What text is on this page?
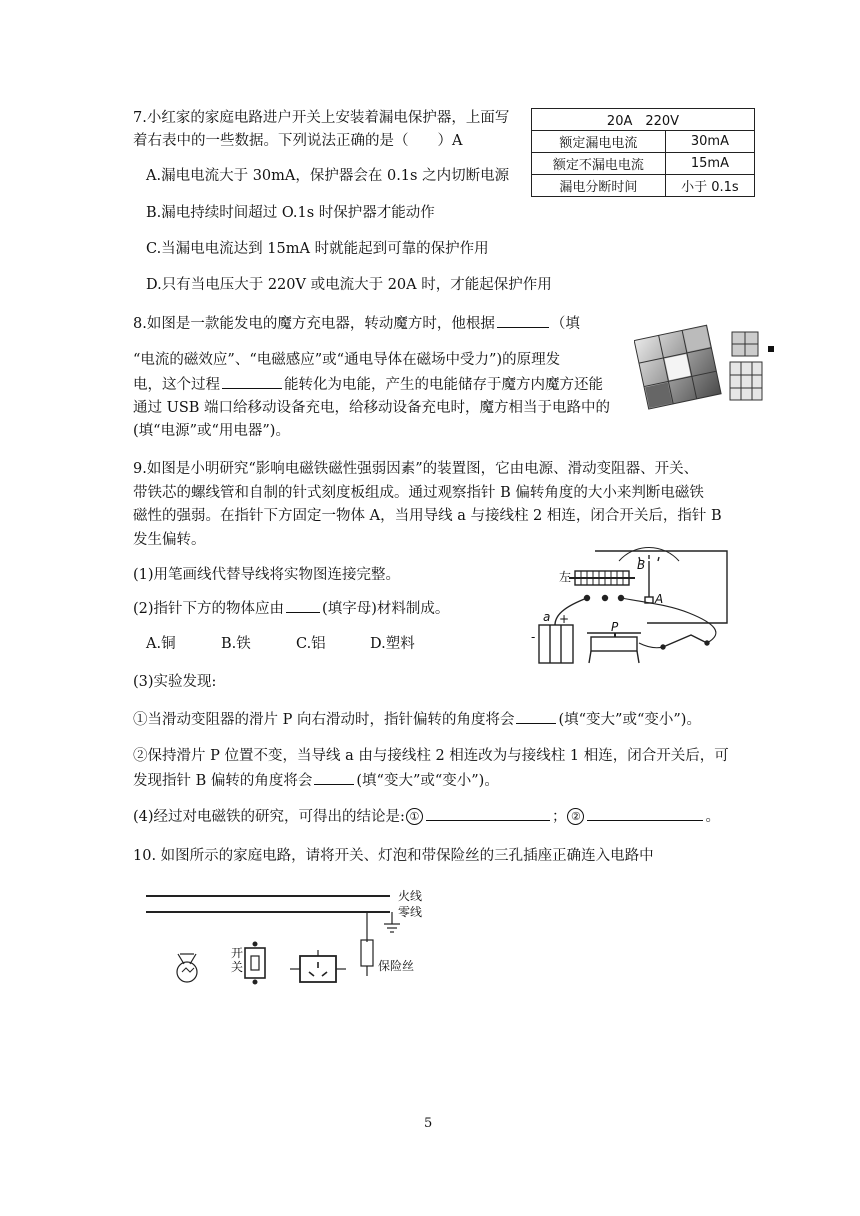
7.小红家的家庭电路进户开关上安装着漏电保护器，上面写
着右表中的一些数据。下列说法正确的是（　　）A
A.漏电电流大于 30mA，保护器会在 0.1s 之内切断电源
B.漏电持续时间超过 O.1s 时保护器才能动作
C.当漏电电流达到 15mA 时就能起到可靠的保护作用
D.只有当电压大于 220V 或电流大于 20A 时，才能起保护作用
20A　220V	
额定漏电电流	30mA
额定不漏电电流	15mA
漏电分断时间	小于 0.1s
8.如图是一款能发电的魔方充电器，转动魔方时，他根据	（填
“电流的磁效应”、“电磁感应”或“通电导体在磁场中受力”)的原理发
电，这个过程	能转化为电能，产生的电能储存于魔方内魔方还能
通过 USB 端口给移动设备充电，给移动设备充电时，魔方相当于电路中的
(填“电源”或“用电器”)。
9.如图是小明研究“影响电磁铁磁性强弱因素”的装置图，它由电源、滑动变阻器、开关、
带铁芯的螺线管和自制的针式刻度板组成。通过观察指针 B 偏转角度的大小来判断电磁铁
磁性的强弱。在指针下方固定一物体 A，当用导线 a 与接线柱 2 相连，闭合开关后，指针 B
发生偏转。
(1)用笔画线代替导线将实物图连接完整。
(2)指针下方的物体应由	(填字母)材料制成。
A.铜	B.铁	C.铝	D.塑料
(3)实验发现:
①当滑动变阻器的滑片 P 向右滑动时，指针偏转的角度将会	(填“变大”或“变小”)。
②保持滑片 P 位置不变，当导线 a 由与接线柱 2 相连改为与接线柱 1 相连，闭合开关后，可
发现指针 B 偏转的角度将会	(填“变大”或“变小”)。
(4)经过对电磁铁的研究，可得出的结论是: ①	； ②	。
左
B
A
a +
-
P
10. 如图所示的家庭电路，请将开关、灯泡和带保险丝的三孔插座正确连入电路中
火线
零线
保险丝
开关
5
